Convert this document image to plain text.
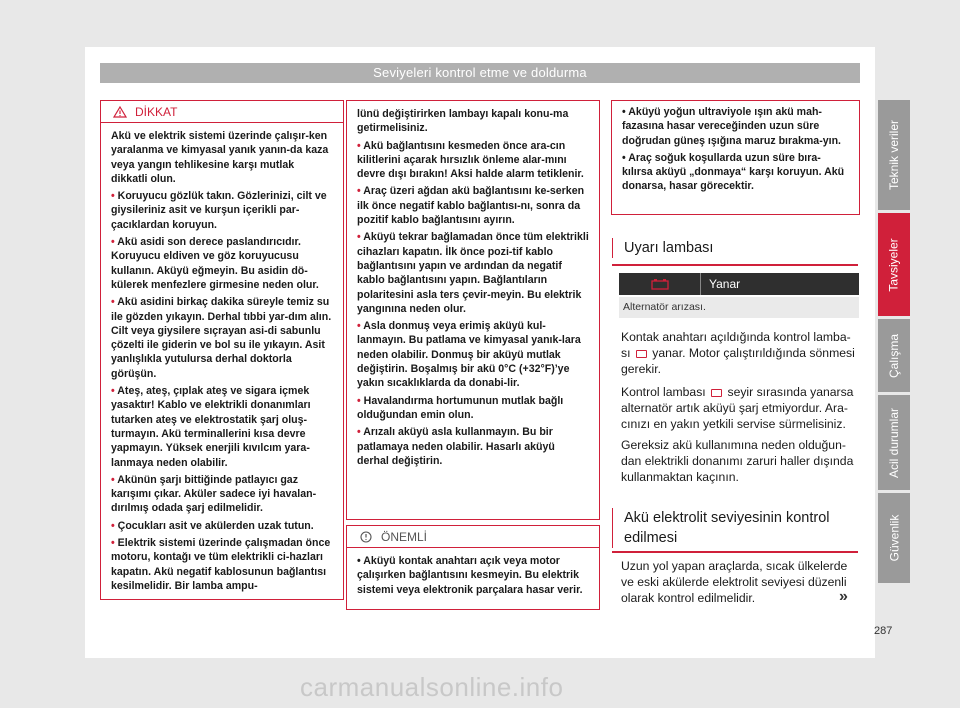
Seviyeleri kontrol etme ve doldurma
DİKKAT

Akü ve elektrik sistemi üzerinde çalışır-ken yaralanma ve kimyasal yanık yanın-da kaza veya yangın tehlikesine karşı mutlak dikkatli olun.

• Koruyucu gözlük takın. Gözlerinizi, cilt ve giysileriniz asit ve kurşun içerikli par-çacıklardan koruyun.

• Akü asidi son derece paslandırıcıdır. Koruyucu eldiven ve göz koruyucusu kullanın. Aküyü eğmeyin. Bu asidin dö-külerek menfezlere girmesine neden olur.

• Akü asidini birkaç dakika süreyle temiz su ile gözden yıkayın. Derhal tıbbi yar-dım alın. Cilt veya giysilere sıçrayan asi-di sabunlu çözelti ile giderin ve bol su ile yıkayın. Asit yanlışlıkla yutulursa derhal doktorla görüşün.

• Ateş, ateş, çıplak ateş ve sigara içmek yasaktır! Kablo ve elektrikli donanımları tutarken ateş ve elektrostatik şarj oluş-turmayın. Akü terminallerini kısa devre yapmayın. Yüksek enerjili kıvılcım yara-lanmaya neden olabilir.

• Akünün şarjı bittiğinde patlayıcı gaz karışımı çıkar. Aküler sadece iyi havalan-dırılmış odada şarj edilmelidir.

• Çocukları asit ve akülerden uzak tutun.

• Elektrik sistemi üzerinde çalışmadan önce motoru, kontağı ve tüm elektrikli ci-hazları kapatın. Akü negatif kablosunun bağlantısı kesilmelidir. Bir lamba ampu-

lünü değiştirirken lambayı kapalı konu-ma getirmelisiniz.

• Akü bağlantısını kesmeden önce ara-cın kilitlerini açarak hırsızlık önleme alar-mını devre dışı bırakın! Aksi halde alarm tetiklenir.

• Araç üzeri ağdan akü bağlantısını ke-serken ilk önce negatif kablo bağlantısı-nı, sonra da pozitif kablo bağlantısını ayırın.

• Aküyü tekrar bağlamadan önce tüm elektrikli cihazları kapatın. İlk önce pozi-tif kablo bağlantısını yapın ve ardından da negatif kablo bağlantısını yapın. Bağlantıların polaritesini asla ters çevir-meyin. Bu elektrik yangınına neden olur.

• Asla donmuş veya erimiş aküyü kul-lanmayın. Bu patlama ve kimyasal yanık-lara neden olabilir. Donmuş bir aküyü mutlak değiştirin. Boşalmış bir akü 0°C (+32°F)’ye yakın sıcaklıklarda da donabi-lir.

• Havalandırma hortumunun mutlak bağlı olduğundan emin olun.

• Arızalı aküyü asla kullanmayın. Bu bir patlamaya neden olabilir. Hasarlı aküyü derhal değiştirin.

ÖNEMLİ

• Aküyü kontak anahtarı açık veya motor çalışırken bağlantısını kesmeyin. Bu elektrik sistemi veya elektronik parçalara hasar verir.

• Aküyü yoğun ultraviyole ışın akü mah-fazasına hasar vereceğinden uzun süre doğrudan güneş ışığına maruz bırakma-yın.

• Araç soğuk koşullarda uzun süre bıra-kılırsa aküyü „donmaya“ karşı koruyun. Akü donarsa, hasar görecektir.

Uyarı lambası
Yanar
Alternatör arızası.
Kontak anahtarı açıldığında kontrol lamba-sı yanar. Motor çalıştırıldığında sönmesi gerekir.
Kontrol lambası seyir sırasında yanarsa alternatör artık aküyü şarj etmiyordur. Ara-cınızı en yakın yetkili servise sürmelisiniz.
Gereksiz akü kullanımına neden olduğun-dan elektrikli donanımı zaruri haller dışında kullanmaktan kaçının.
Akü elektrolit seviyesinin kontrol edilmesi
Uzun yol yapan araçlarda, sıcak ülkelerde ve eski akülerde elektrolit seviyesi düzenli olarak kontrol edilmelidir.	»
287
Teknik veriler
Tavsiyeler
Çalışma
Acil durumlar
Güvenlik
carmanualsonline.info
